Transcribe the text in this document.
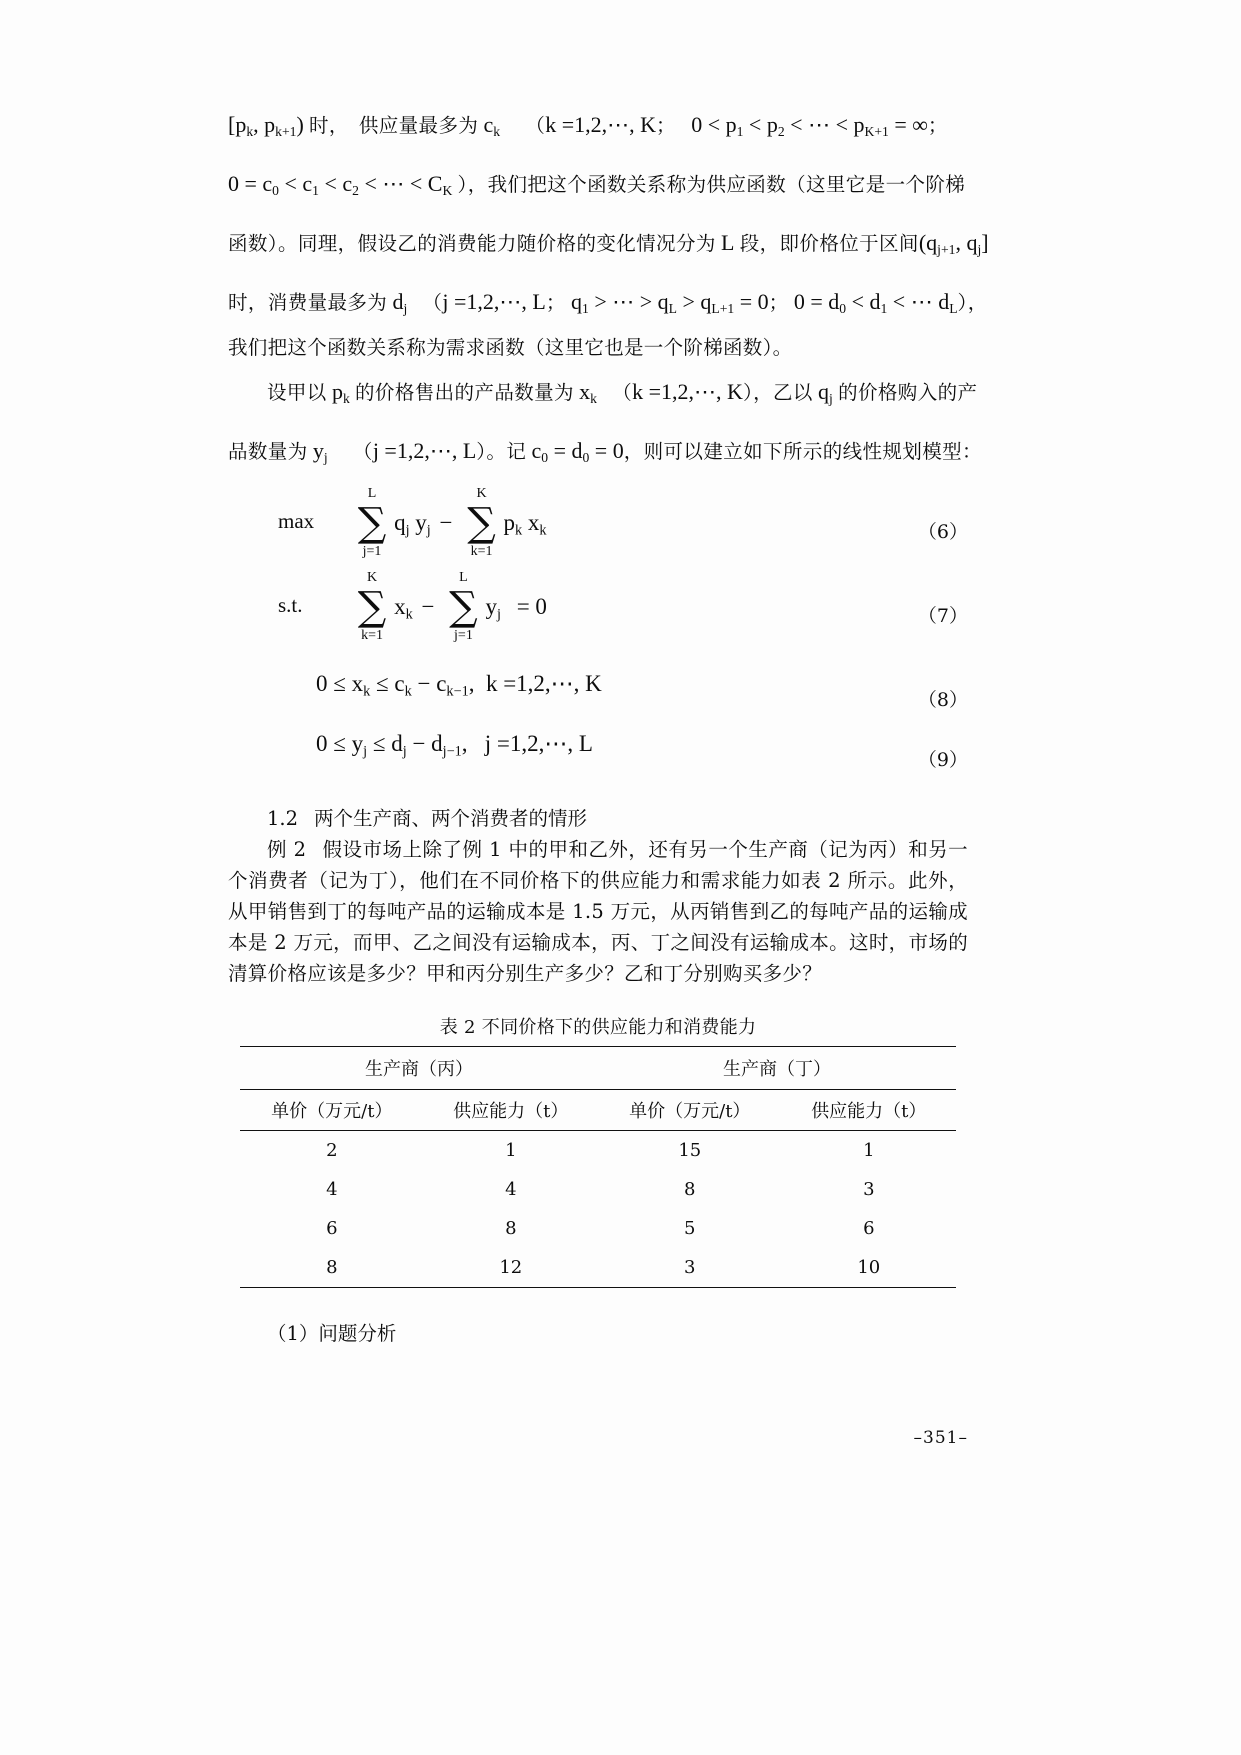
[$p_k$, $p_{k+1}$) 时， 供应量最多为 $c_k$ （k =1,2,⋯, K； $0 < p_1 < p_2$ < ⋯ < $p_{K+1}$ = ∞；
$0 = c_0 < c_1 < c_2$ < ⋯ < $C_K$ ），我们把这个函数关系称为供应函数（这里它是一个阶梯
函数）。同理，假设乙的消费能力随价格的变化情况分为 L 段，即价格位于区间($q_{j+1}$, $q_j$]
时，消费量最多为 $d_j$ （j =1,2,⋯, L； $q_1$ > ⋯ > $q_L > q_{L+1} = 0$； $0 = d_0 < d_1$ < ⋯ $d_L$），

我们把这个函数关系称为需求函数（这里它也是一个阶梯函数）。

设甲以 $p_k$ 的价格售出的产品数量为 $x_k$ （k =1,2,⋯, K），乙以 $q_j$ 的价格购入的产
品数量为 $y_j$ （j =1,2,⋯, L）。记 $c_0 = d_0 = 0$，则可以建立如下所示的线性规划模型：
max
L
∑
j=1
$q_j$ $y_j$ −
K
∑
k=1
$p_k$ $x_k$	（6）
s.t.
K
∑
k=1
$x_k$ −
L
∑
j=1
$y_j = 0$	（7）
$0 \le x_k \le c_k - c_{k-1}$,  k =1,2,⋯, K
（8）
$0 \le y_j \le d_j - d_{j-1}$,   j =1,2,⋯, L
（9）

1.2 两个生产商、两个消费者的情形

例 2 假设市场上除了例 1 中的甲和乙外，还有另一个生产商（记为丙）和另一个消费者（记为丁），他们在不同价格下的供应能力和需求能力如表 2 所示。此外，从甲销售到丁的每吨产品的运输成本是 1.5 万元，从丙销售到乙的每吨产品的运输成本是 2 万元，而甲、乙之间没有运输成本，丙、丁之间没有运输成本。这时，市场的清算价格应该是多少？甲和丙分别生产多少？乙和丁分别购买多少？

表 2 不同价格下的供应能力和消费能力
生产商（丙）		生产商（丁）	
单价（万元/t）	供应能力（t）	单价（万元/t）	供应能力（t）
2	1	15	1
4	4	8	3
6	8	5	6
8	12	3	10

（1）问题分析

–351–
